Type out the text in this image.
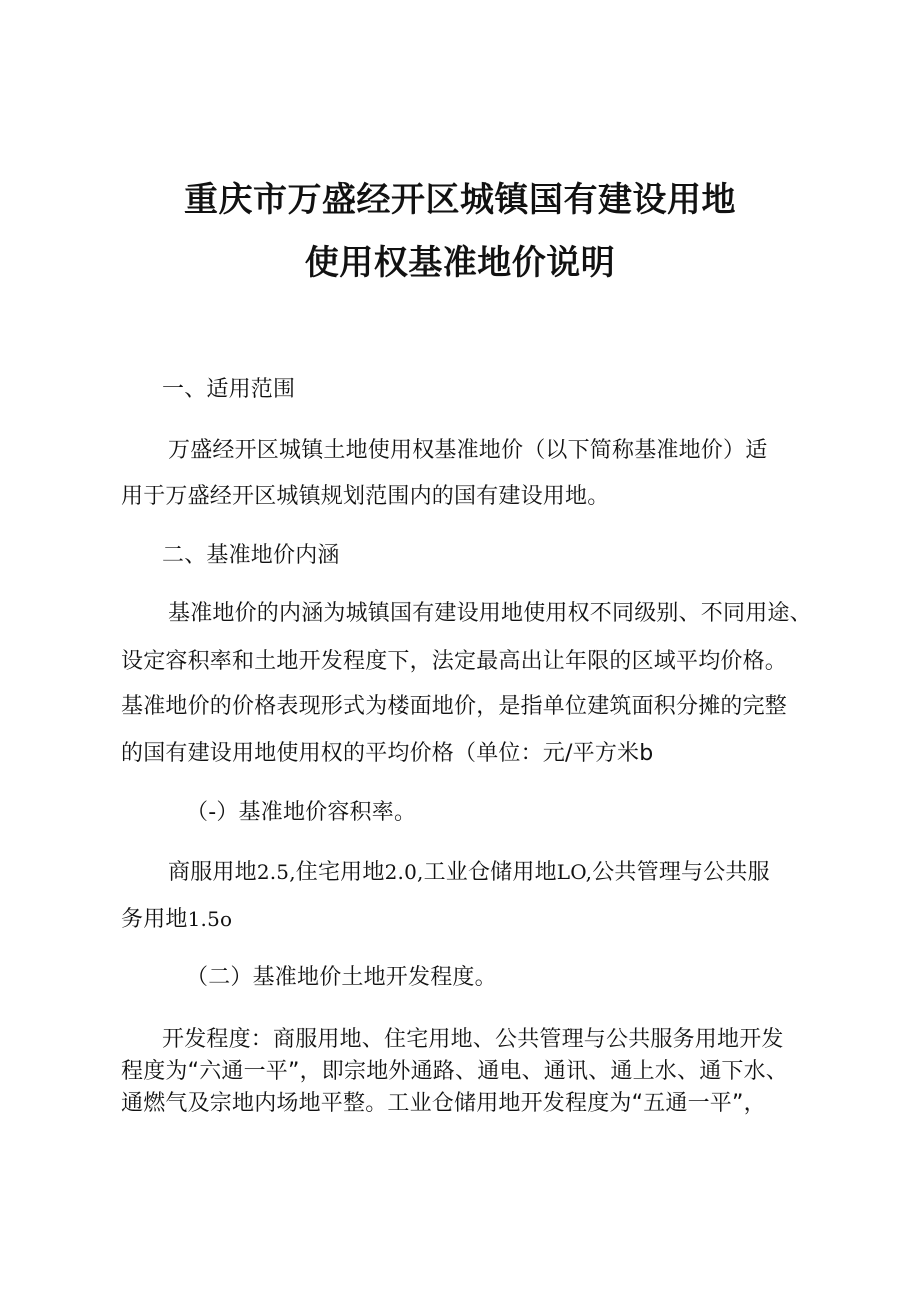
重庆市万盛经开区城镇国有建设用地
使用权基准地价说明
一、适用范围
万盛经开区城镇土地使用权基准地价（以下简称基准地价）适
用于万盛经开区城镇规划范围内的国有建设用地。
二、基准地价内涵
基准地价的内涵为城镇国有建设用地使用权不同级别、不同用途、
设定容积率和土地开发程度下，法定最高出让年限的区域平均价格。
基准地价的价格表现形式为楼面地价，是指单位建筑面积分摊的完整
的国有建设用地使用权的平均价格（单位：元/平方米b
（-）基准地价容积率。
商服用地2.5,住宅用地2.0,工业仓储用地LO,公共管理与公共服
务用地1.5o
（二）基准地价土地开发程度。
开发程度：商服用地、住宅用地、公共管理与公共服务用地开发
程度为“六通一平”，即宗地外通路、通电、通讯、通上水、通下水、
通燃气及宗地内场地平整。工业仓储用地开发程度为“五通一平”，
